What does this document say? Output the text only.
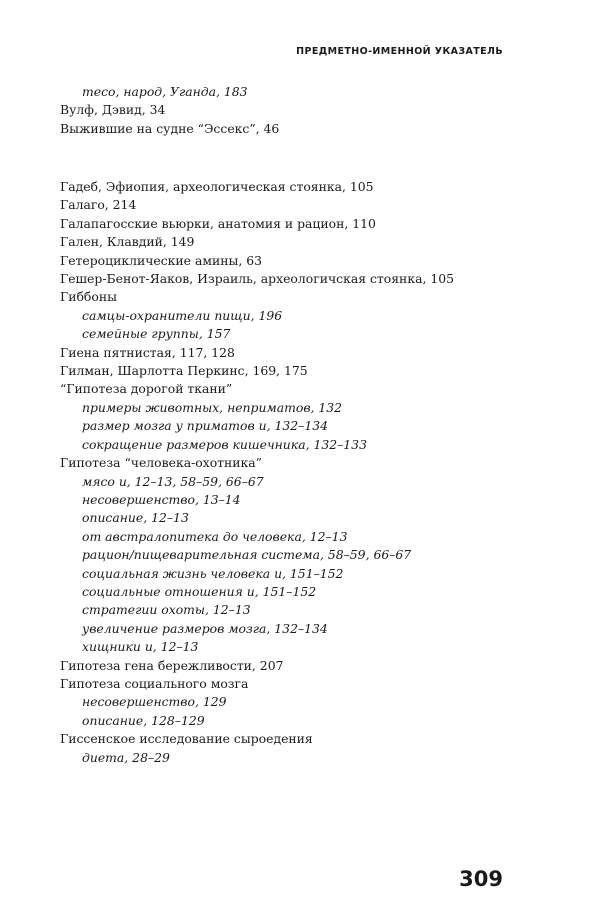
ПРЕДМЕТНО-ИМЕННОЙ УКАЗАТЕЛЬ
тесо, народ, Уганда, 183
Вулф, Дэвид, 34
Выжившие на судне “Эссекс”, 46
Гадеб, Эфиопия, археологическая стоянка, 105
Галаго, 214
Галапагосские вьюрки, анатомия и рацион, 110
Гален, Клавдий, 149
Гетероциклические амины, 63
Гешер-Бенот-Яаков, Израиль, археологичская стоянка, 105
Гиббоны
самцы-охранители пищи, 196
семейные группы, 157
Гиена пятнистая, 117, 128
Гилман, Шарлотта Перкинс, 169, 175
“Гипотеза дорогой ткани”
примеры животных, неприматов, 132
размер мозга у приматов и, 132–134
сокращение размеров кишечника, 132–133
Гипотеза “человека-охотника”
мясо и, 12–13, 58–59, 66–67
несовершенство, 13–14
описание, 12–13
от австралопитека до человека, 12–13
рацион/пищеварительная система, 58–59, 66–67
социальная жизнь человека и, 151–152
социальные отношения и, 151–152
стратегии охоты, 12–13
увеличение размеров мозга, 132–134
хищники и, 12–13
Гипотеза гена бережливости, 207
Гипотеза социального мозга
несовершенство, 129
описание, 128–129
Гиссенское исследование сыроедения
диета, 28–29
309
